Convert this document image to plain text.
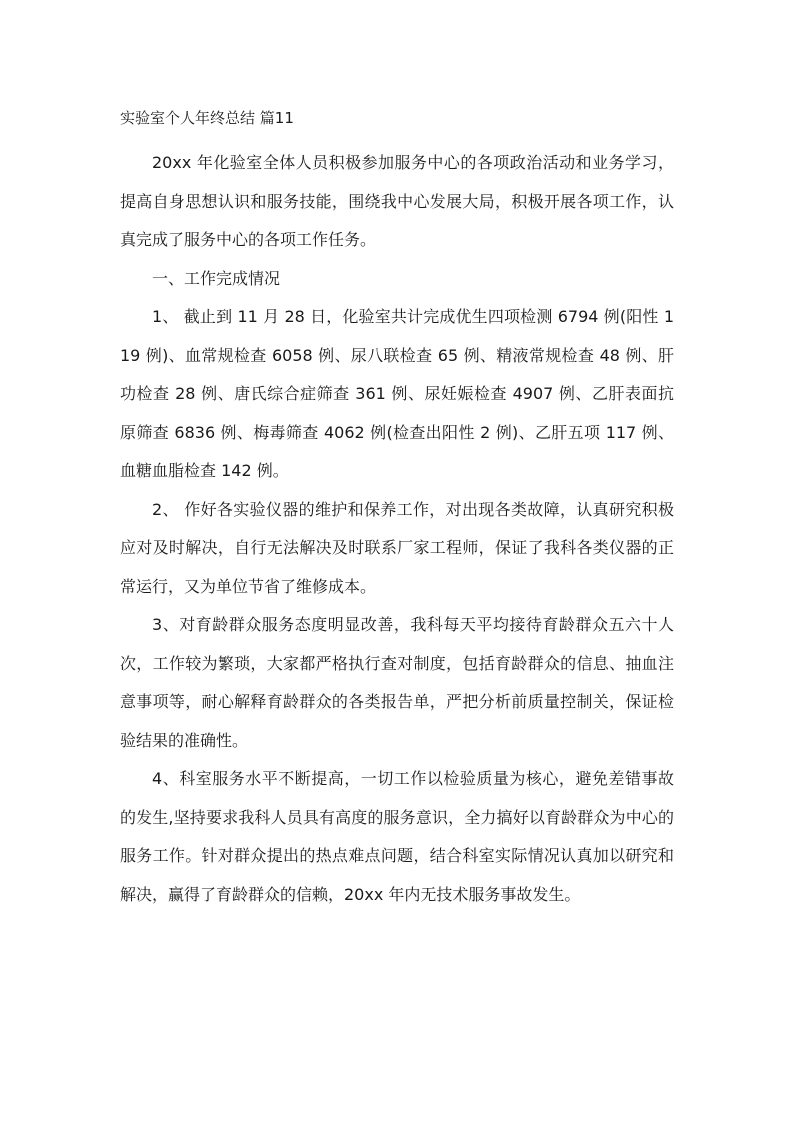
实验室个人年终总结 篇11

20xx 年化验室全体人员积极参加服务中心的各项政治活动和业务学习，提高自身思想认识和服务技能，围绕我中心发展大局，积极开展各项工作，认真完成了服务中心的各项工作任务。

一、工作完成情况

1、 截止到 11 月 28 日，化验室共计完成优生四项检测 6794 例(阳性 119 例)、血常规检查 6058 例、尿八联检查 65 例、精液常规检查 48 例、肝功检查 28 例、唐氏综合症筛查 361 例、尿妊娠检查 4907 例、乙肝表面抗原筛查 6836 例、梅毒筛查 4062 例(检查出阳性 2 例)、乙肝五项 117 例、血糖血脂检查 142 例。

2、 作好各实验仪器的维护和保养工作，对出现各类故障，认真研究积极应对及时解决，自行无法解决及时联系厂家工程师，保证了我科各类仪器的正常运行，又为单位节省了维修成本。

3、对育龄群众服务态度明显改善，我科每天平均接待育龄群众五六十人次，工作较为繁琐，大家都严格执行查对制度，包括育龄群众的信息、抽血注意事项等，耐心解释育龄群众的各类报告单，严把分析前质量控制关，保证检验结果的准确性。

4、科室服务水平不断提高，一切工作以检验质量为核心，避免差错事故的发生,坚持要求我科人员具有高度的服务意识，全力搞好以育龄群众为中心的服务工作。针对群众提出的热点难点问题，结合科室实际情况认真加以研究和解决，赢得了育龄群众的信赖，20xx 年内无技术服务事故发生。
